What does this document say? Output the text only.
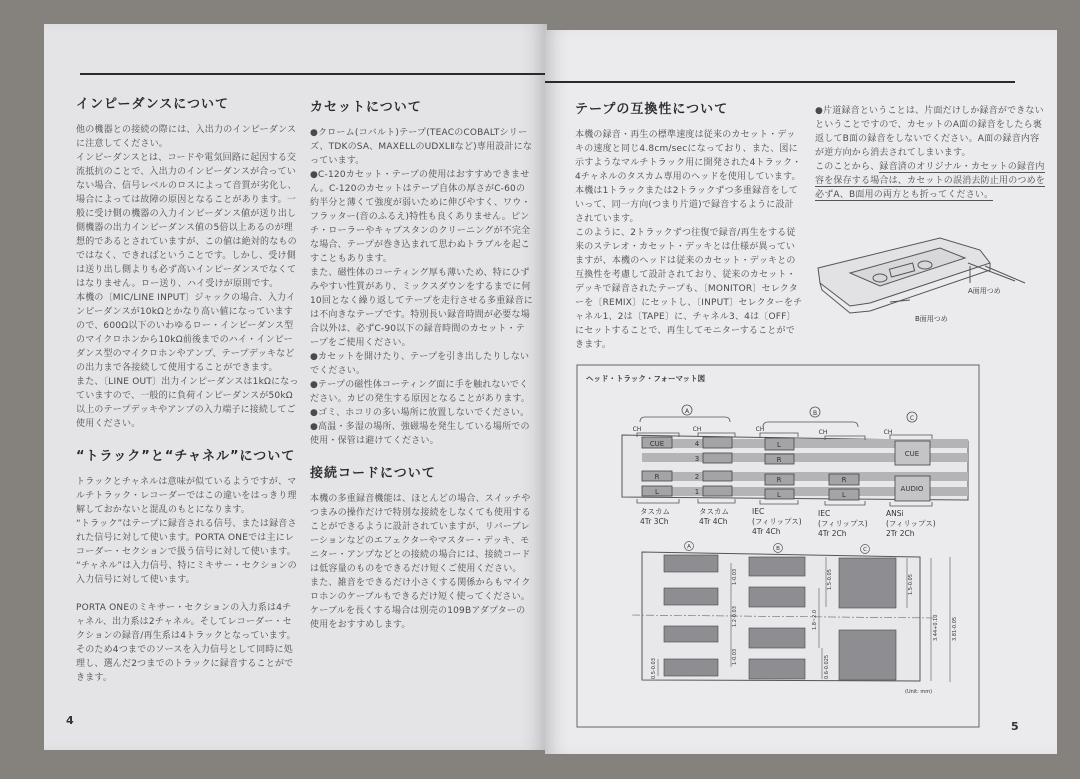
インピーダンスについて

他の機器との接続の際には、入出力のインピーダンスに注意してください。

インピーダンスとは、コードや電気回路に起因する交流抵抗のことで、入出力のインピーダンスが合っていない場合、信号レベルのロスによって音質が劣化し、場合によっては故障の原因となることがあります。一般に受け側の機器の入力インピーダンス値が送り出し側機器の出力インピーダンス値の5倍以上あるのが理想的であるとされていますが、この値は絶対的なものではなく、できればということです。しかし、受け側は送り出し側よりも必ず高いインピーダンスでなくてはなりません。ロー送り、ハイ受けが原則です。

本機の〔MIC/LINE INPUT〕ジャックの場合、入力インピーダンスが10kΩとかなり高い値になっていますので、600Ω以下のいわゆるロー・インピーダンス型のマイクロホンから10kΩ前後までのハイ・インピーダンス型のマイクロホンやアンプ、テープデッキなどの出力まで各接続して使用することができます。

また、〔LINE OUT〕出力インピーダンスは1kΩになっていますので、一般的に負荷インピーダンスが50kΩ以上のテープデッキやアンプの入力端子に接続してご使用ください。

“トラック”と“チャネル”について

トラックとチャネルは意味が似ているようですが、マルチトラック・レコーダーではこの違いをはっきり理解しておかないと混乱のもとになります。

“トラック”はテープに録音される信号、または録音された信号に対して使います。PORTA ONEでは主にレコーダー・セクションで扱う信号に対して使います。

“チャネル”は入力信号、特にミキサー・セクションの入力信号に対して使います。

PORTA ONEのミキサー・セクションの入力系は4チャネル、出力系は2チャネル。そしてレコーダー・セクションの録音/再生系は4トラックとなっています。そのため4つまでのソースを入力信号として同時に処理し、選んだ2つまでのトラックに録音することができます。

カセットについて

●クローム(コバルト)テープ(TEACのCOBALTシリーズ、TDKのSA、MAXELLのUDXLⅡなど)専用設計になっています。

●C-120カセット・テープの使用はおすすめできません。C-120のカセットはテープ自体の厚さがC-60の約半分と薄くて強度が弱いために伸びやすく、ワウ・フラッター(音のふるえ)特性も良くありません。ピンチ・ローラーやキャプスタンのクリーニングが不完全な場合、テープが巻き込まれて思わぬトラブルを起こすこともあります。

また、磁性体のコーティング厚も薄いため、特にひずみやすい性質があり、ミックスダウンをするまでに何10回となく繰り返してテープを走行させる多重録音には不向きなテープです。特別長い録音時間が必要な場合以外は、必ずC-90以下の録音時間のカセット・テープをご使用ください。

●カセットを開けたり、テープを引き出したりしないでください。

●テープの磁性体コーティング面に手を触れないでください。カビの発生する原因となることがあります。

●ゴミ、ホコリの多い場所に放置しないでください。

●高温・多湿の場所、強磁場を発生している場所での使用・保管は避けてください。

接続コードについて

本機の多重録音機能は、ほとんどの場合、スイッチやつまみの操作だけで特別な接続をしなくても使用することができるように設計されていますが、リバーブレーションなどのエフェクターやマスター・デッキ、モニター・アンプなどとの接続の場合には、接続コードは低容量のものをできるだけ短くご使用ください。

また、雑音をできるだけ小さくする関係からもマイクロホンのケーブルもできるだけ短く使ってください。ケーブルを長くする場合は別売の109Bアダプターの使用をおすすめします。

4
テープの互換性について

本機の録音・再生の標準速度は従来のカセット・デッキの速度と同じ4.8cm/secになっており、また、図に示すようなマルチトラック用に開発された4トラック・4チャネルのタスカム専用のヘッドを使用しています。

本機は1トラックまたは2トラックずつ多重録音をしていって、同一方向(つまり片道)で録音するように設計されています。

このように、2トラックずつ往復で録音/再生をする従来のステレオ・カセット・デッキとは仕様が異っていますが、本機のヘッドは従来のカセット・デッキとの互換性を考慮して設計されており、従来のカセット・デッキで録音されたテープも、〔MONITOR〕セレクターを〔REMIX〕にセットし、〔INPUT〕セレクターをチャネル1、2は〔TAPE〕に、チャネル3、4は〔OFF〕にセットすることで、再生してモニターすることができます。

●片道録音ということは、片面だけしか録音ができないということですので、カセットのA面の録音をしたら裏返してB面の録音をしないでください。A面の録音内容が逆方向から消去されてしまいます。

このことから、録音済のオリジナル・カセットの録音内容を保存する場合は、カセットの誤消去防止用のつめを必ずA、B面用の両方とも折ってください。

5
A面用つめ
B面用つめ
ヘッド・トラック・フォーマット図
CUE
R
L
4
3
2
1
L
R
R
L
R
L
CUE
AUDIO
A	B
C
CH	CH	CH	CH	CH
タスカム
4Tr 3Ch
タスカム
4Tr 4Ch
IEC
(フィリップス)
4Tr 4Ch
IEC
(フィリップス)
4Tr 2Ch
ANSi
(フィリップス)
2Tr 2Ch
1-0.03
1.2-0.03
1-0.03
0.5-0.03
1.5-0.05
1.8~2.0
0.6-0.025
1.5-0.05
3.44+0.10	3.81-0.05
(Unit: mm)
A	B	C
